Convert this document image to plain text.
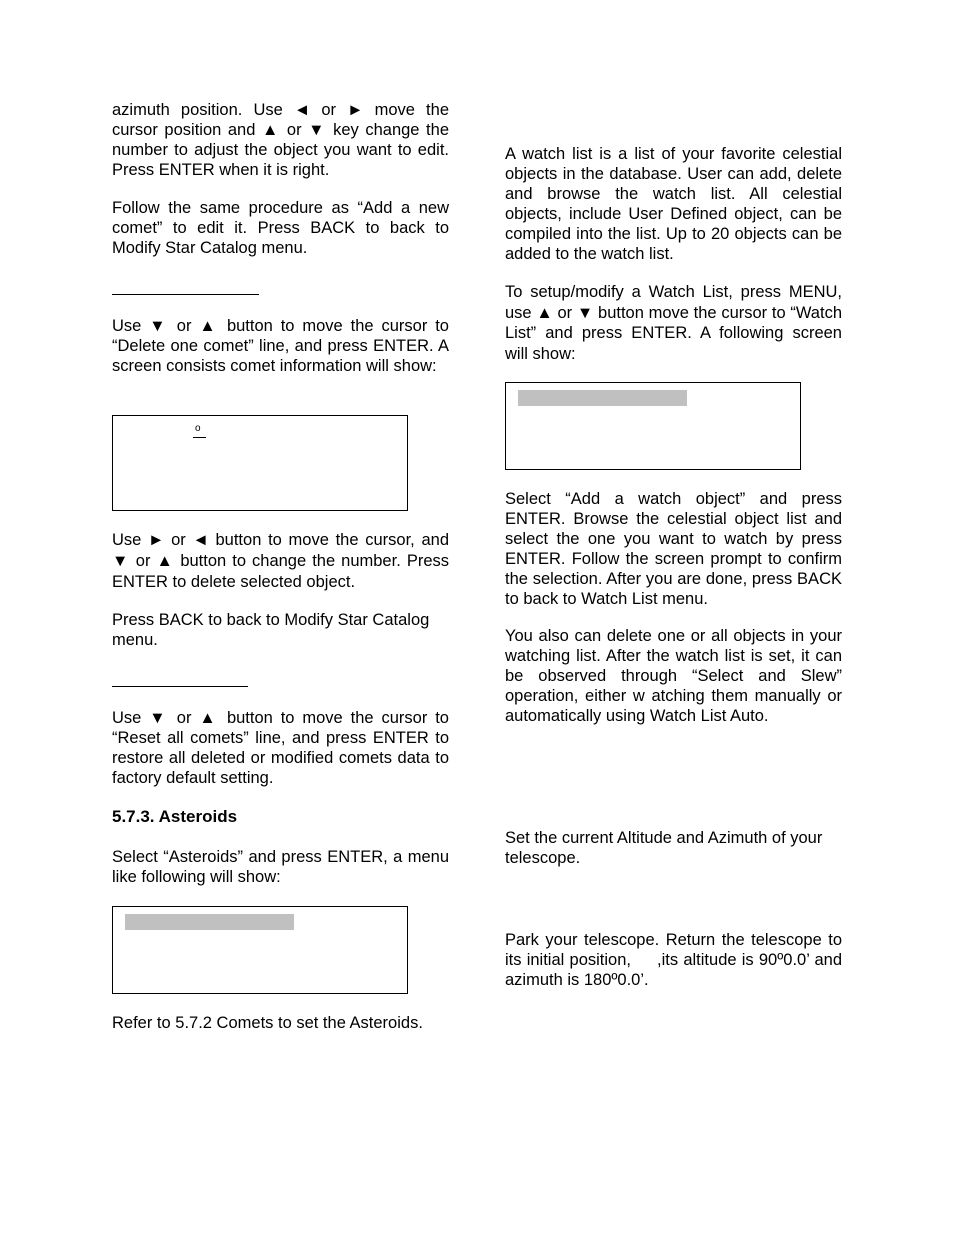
azimuth position. Use ◄ or ► move the cursor position and ▲ or ▼ key change the number to adjust the object you want to edit. Press ENTER when it is right.

Follow the same procedure as “Add a new comet” to edit it. Press BACK to back to Modify Star Catalog menu.

Use ▼ or ▲ button to move the cursor to “Delete one comet” line, and press ENTER. A screen consists comet information will show:

o

Use ► or ◄ button to move the cursor, and ▼ or ▲ button to change the number. Press ENTER to delete selected object.

Press BACK to back to Modify Star Catalog menu.

Use ▼ or ▲ button to move the cursor to “Reset all comets” line, and press ENTER to restore all deleted or modified comets data to factory default setting.

5.7.3. Asteroids

Select “Asteroids” and press ENTER, a menu like following will show:

Refer to 5.7.2 Comets to set the Asteroids.

A watch list is a list of your favorite celestial objects in the database. User can add, delete and browse the watch list. All celestial objects, include User Defined object, can be compiled into the list. Up to 20 objects can be added to the watch list.

To setup/modify a Watch List, press MENU, use ▲ or ▼ button move the cursor to “Watch List” and press ENTER. A following screen will show:

Select “Add a watch object” and press ENTER. Browse the celestial object list and select the one you want to watch by press ENTER. Follow the screen prompt to confirm the selection. After you are done, press BACK to back to Watch List menu.

You also can delete one or all objects in your watching list. After the watch list is set, it can be observed through “Select and Slew” operation, either w atching them manually or automatically using Watch List Auto.

Set the current Altitude and Azimuth of your telescope.

Park your telescope. Return the telescope to its initial position,     ,its altitude is 90º0.0’ and azimuth is 180º0.0’.
